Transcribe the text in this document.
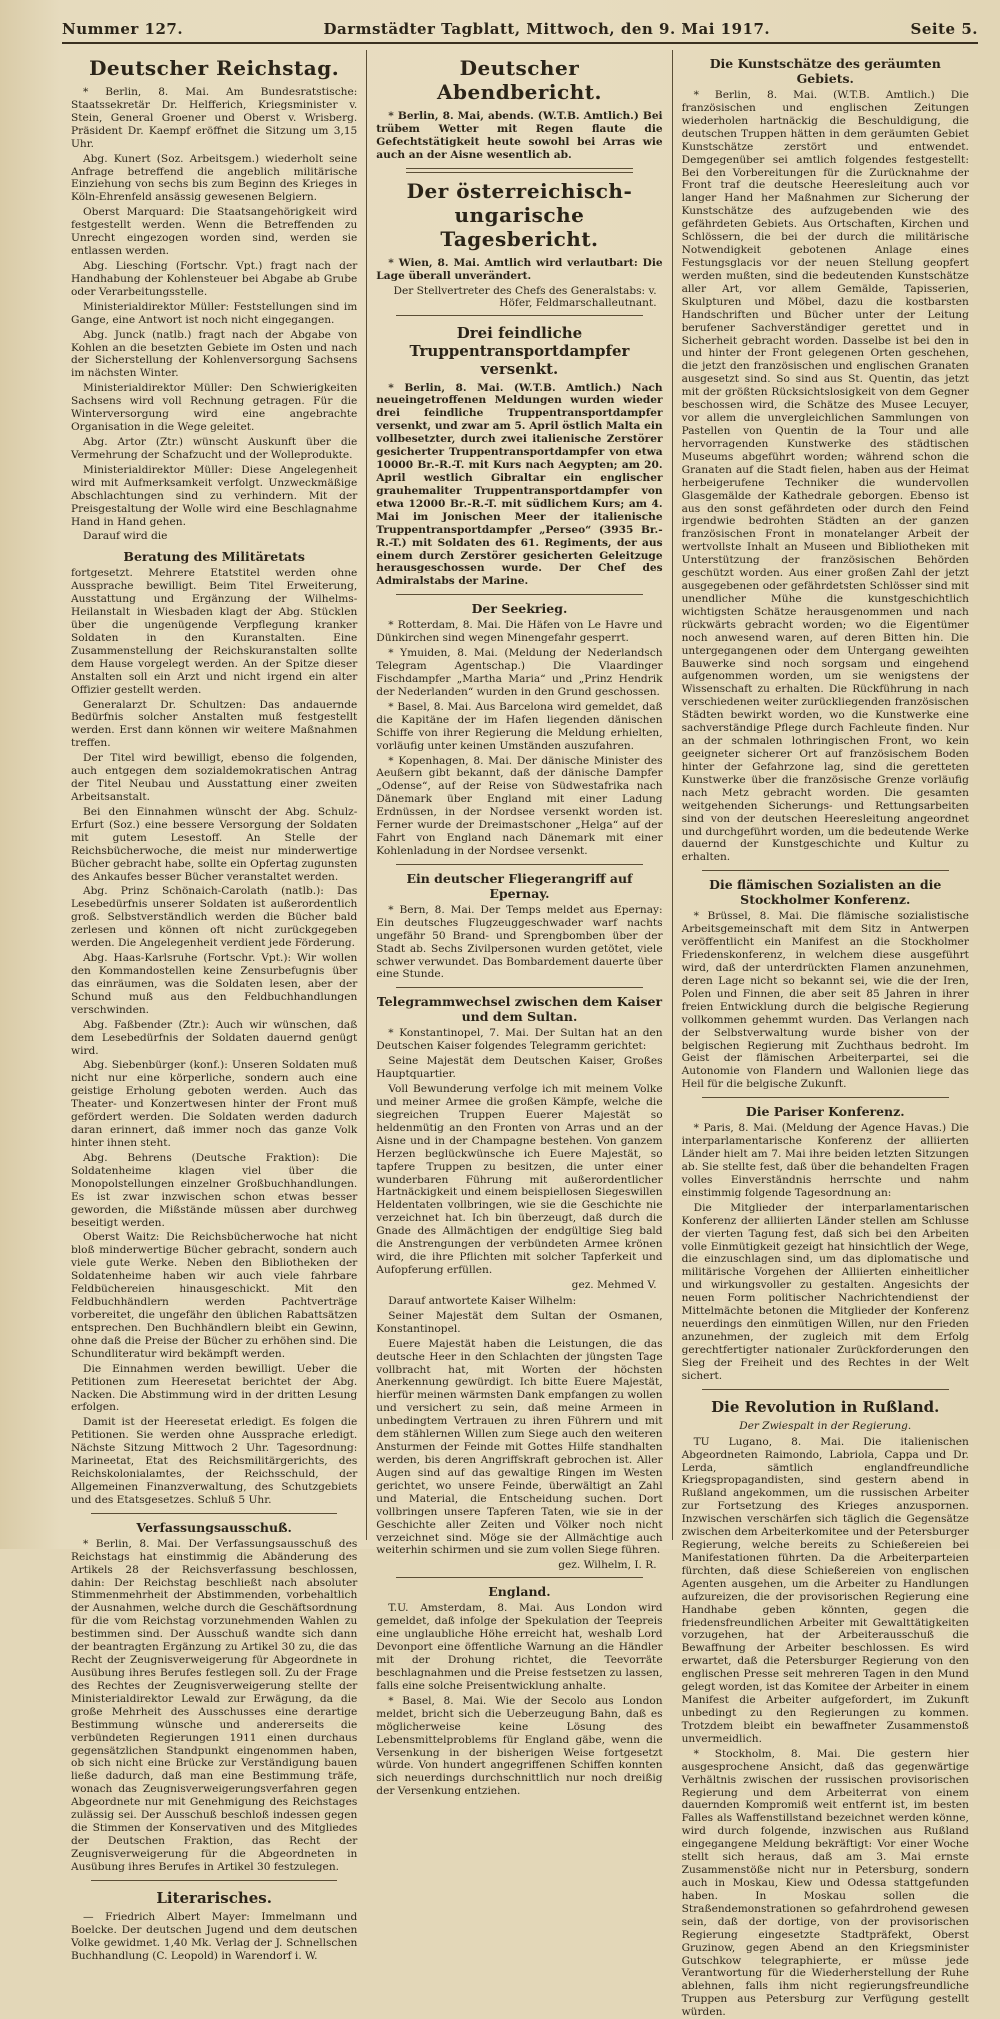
Nummer 127.	Darmstädter Tagblatt, Mittwoch, den 9. Mai 1917.	Seite 5.
Deutscher Reichstag.

* Berlin, 8. Mai. Am Bundesratstische: Staatssekretär Dr. Helfferich, Kriegsminister v. Stein, General Groener und Oberst v. Wrisberg. Präsident Dr. Kaempf eröffnet die Sitzung um 3,15 Uhr.

Abg. Kunert (Soz. Arbeitsgem.) wiederholt seine Anfrage betreffend die angeblich militärische Einziehung von sechs bis zum Beginn des Krieges in Köln-Ehrenfeld ansässig gewesenen Belgiern.

Oberst Marquard: Die Staatsangehörigkeit wird festgestellt werden. Wenn die Betreffenden zu Unrecht eingezogen worden sind, werden sie entlassen werden.

Abg. Liesching (Fortschr. Vpt.) fragt nach der Handhabung der Kohlensteuer bei Abgabe ab Grube oder Verarbeitungsstelle.

Ministerialdirektor Müller: Feststellungen sind im Gange, eine Antwort ist noch nicht eingegangen.

Abg. Junck (natlb.) fragt nach der Abgabe von Kohlen an die besetzten Gebiete im Osten und nach der Sicherstellung der Kohlenversorgung Sachsens im nächsten Winter.

Ministerialdirektor Müller: Den Schwierigkeiten Sachsens wird voll Rechnung getragen. Für die Winterversorgung wird eine angebrachte Organisation in die Wege geleitet.

Abg. Artor (Ztr.) wünscht Auskunft über die Vermehrung der Schafzucht und der Wolleprodukte.

Ministerialdirektor Müller: Diese Angelegenheit wird mit Aufmerksamkeit verfolgt. Unzweckmäßige Abschlachtungen sind zu verhindern. Mit der Preisgestaltung der Wolle wird eine Beschlagnahme Hand in Hand gehen.

Darauf wird die

Beratung des Militäretats

fortgesetzt. Mehrere Etatstitel werden ohne Aussprache bewilligt. Beim Titel Erweiterung, Ausstattung und Ergänzung der Wilhelms-Heilanstalt in Wiesbaden klagt der Abg. Stücklen über die ungenügende Verpflegung kranker Soldaten in den Kuranstalten. Eine Zusammenstellung der Reichskuranstalten sollte dem Hause vorgelegt werden. An der Spitze dieser Anstalten soll ein Arzt und nicht irgend ein alter Offizier gestellt werden.

Generalarzt Dr. Schultzen: Das andauernde Bedürfnis solcher Anstalten muß festgestellt werden. Erst dann können wir weitere Maßnahmen treffen.

Der Titel wird bewilligt, ebenso die folgenden, auch entgegen dem sozialdemokratischen Antrag der Titel Neubau und Ausstattung einer zweiten Arbeitsanstalt.

Bei den Einnahmen wünscht der Abg. Schulz-Erfurt (Soz.) eine bessere Versorgung der Soldaten mit gutem Lesestoff. An Stelle der Reichsbücherwoche, die meist nur minderwertige Bücher gebracht habe, sollte ein Opfertag zugunsten des Ankaufes besser Bücher veranstaltet werden.

Abg. Prinz Schönaich-Carolath (natlb.): Das Lesebedürfnis unserer Soldaten ist außerordentlich groß. Selbstverständlich werden die Bücher bald zerlesen und können oft nicht zurückgegeben werden. Die Angelegenheit verdient jede Förderung.

Abg. Haas-Karlsruhe (Fortschr. Vpt.): Wir wollen den Kommandostellen keine Zensurbefugnis über das einräumen, was die Soldaten lesen, aber der Schund muß aus den Feldbuchhandlungen verschwinden.

Abg. Faßbender (Ztr.): Auch wir wünschen, daß dem Lesebedürfnis der Soldaten dauernd genügt wird.

Abg. Siebenbürger (konf.): Unseren Soldaten muß nicht nur eine körperliche, sondern auch eine geistige Erholung geboten werden. Auch das Theater- und Konzertwesen hinter der Front muß gefördert werden. Die Soldaten werden dadurch daran erinnert, daß immer noch das ganze Volk hinter ihnen steht.

Abg. Behrens (Deutsche Fraktion): Die Soldatenheime klagen viel über die Monopolstellungen einzelner Großbuchhandlungen. Es ist zwar inzwischen schon etwas besser geworden, die Mißstände müssen aber durchweg beseitigt werden.

Oberst Waitz: Die Reichsbücherwoche hat nicht bloß minderwertige Bücher gebracht, sondern auch viele gute Werke. Neben den Bibliotheken der Soldatenheime haben wir auch viele fahrbare Feldbüchereien hinausgeschickt. Mit den Feldbuchhändlern werden Pachtverträge vorbereitet, die ungefähr den üblichen Rabattsätzen entsprechen. Den Buchhändlern bleibt ein Gewinn, ohne daß die Preise der Bücher zu erhöhen sind. Die Schundliteratur wird bekämpft werden.

Die Einnahmen werden bewilligt. Ueber die Petitionen zum Heeresetat berichtet der Abg. Nacken. Die Abstimmung wird in der dritten Lesung erfolgen.

Damit ist der Heeresetat erledigt. Es folgen die Petitionen. Sie werden ohne Aussprache erledigt. Nächste Sitzung Mittwoch 2 Uhr. Tagesordnung: Marineetat, Etat des Reichsmilitärgerichts, des Reichskolonialamtes, der Reichsschuld, der Allgemeinen Finanzverwaltung, des Schutzgebiets und des Etatsgesetzes. Schluß 5 Uhr.

Verfassungsausschuß.

* Berlin, 8. Mai. Der Verfassungsausschuß des Reichstags hat einstimmig die Abänderung des Artikels 28 der Reichsverfassung beschlossen, dahin: Der Reichstag beschließt nach absoluter Stimmenmehrheit der Abstimmenden, vorbehaltlich der Ausnahmen, welche durch die Geschäftsordnung für die vom Reichstag vorzunehmenden Wahlen zu bestimmen sind. Der Ausschuß wandte sich dann der beantragten Ergänzung zu Artikel 30 zu, die das Recht der Zeugnisverweigerung für Abgeordnete in Ausübung ihres Berufes festlegen soll. Zu der Frage des Rechtes der Zeugnisverweigerung stellte der Ministerialdirektor Lewald zur Erwägung, da die große Mehrheit des Ausschusses eine derartige Bestimmung wünsche und andererseits die verbündeten Regierungen 1911 einen durchaus gegensätzlichen Standpunkt eingenommen haben, ob sich nicht eine Brücke zur Verständigung bauen ließe dadurch, daß man eine Bestimmung träfe, wonach das Zeugnisverweigerungsverfahren gegen Abgeordnete nur mit Genehmigung des Reichstages zulässig sei. Der Ausschuß beschloß indessen gegen die Stimmen der Konservativen und des Mitgliedes der Deutschen Fraktion, das Recht der Zeugnisverweigerung für die Abgeordneten in Ausübung ihres Berufes in Artikel 30 festzulegen.

Literarisches.

— Friedrich Albert Mayer: Immelmann und Boelcke. Der deutschen Jugend und dem deutschen Volke gewidmet. 1,40 Mk. Verlag der J. Schnellschen Buchhandlung (C. Leopold) in Warendorf i. W.

Deutscher Abendbericht.

* Berlin, 8. Mai, abends. (W.T.B. Amtlich.) Bei trübem Wetter mit Regen flaute die Gefechtstätigkeit heute sowohl bei Arras wie auch an der Aisne wesentlich ab.

Der österreichisch-ungarische Tagesbericht.

* Wien, 8. Mai. Amtlich wird verlautbart: Die Lage überall unverändert.

Der Stellvertreter des Chefs des Generalstabs: v. Höfer, Feldmarschalleutnant.

Drei feindliche Truppentransportdampfer versenkt.

* Berlin, 8. Mai. (W.T.B. Amtlich.) Nach neueingetroffenen Meldungen wurden wieder drei feindliche Truppentransportdampfer versenkt, und zwar am 5. April östlich Malta ein vollbesetzter, durch zwei italienische Zerstörer gesicherter Truppentransportdampfer von etwa 10000 Br.-R.-T. mit Kurs nach Aegypten; am 20. April westlich Gibraltar ein englischer grauhemaliter Truppentransportdampfer von etwa 12000 Br.-R.-T. mit südlichem Kurs; am 4. Mai im Jonischen Meer der italienische Truppentransportdampfer „Perseo“ (3935 Br.-R.-T.) mit Soldaten des 61. Regiments, der aus einem durch Zerstörer gesicherten Geleitzuge herausgeschossen wurde. Der Chef des Admiralstabs der Marine.

Der Seekrieg.

* Rotterdam, 8. Mai. Die Häfen von Le Havre und Dünkirchen sind wegen Minengefahr gesperrt.

* Ymuiden, 8. Mai. (Meldung der Nederlandsch Telegram Agentschap.) Die Vlaardinger Fischdampfer „Martha Maria“ und „Prinz Hendrik der Nederlanden“ wurden in den Grund geschossen.

* Basel, 8. Mai. Aus Barcelona wird gemeldet, daß die Kapitäne der im Hafen liegenden dänischen Schiffe von ihrer Regierung die Meldung erhielten, vorläufig unter keinen Umständen auszufahren.

* Kopenhagen, 8. Mai. Der dänische Minister des Aeußern gibt bekannt, daß der dänische Dampfer „Odense“, auf der Reise von Südwestafrika nach Dänemark über England mit einer Ladung Erdnüssen, in der Nordsee versenkt worden ist. Ferner wurde der Dreimastschoner „Helga“ auf der Fahrt von England nach Dänemark mit einer Kohlenladung in der Nordsee versenkt.

Ein deutscher Fliegerangriff auf Epernay.

* Bern, 8. Mai. Der Temps meldet aus Epernay: Ein deutsches Flugzeuggeschwader warf nachts ungefähr 50 Brand- und Sprengbomben über der Stadt ab. Sechs Zivilpersonen wurden getötet, viele schwer verwundet. Das Bombardement dauerte über eine Stunde.

Telegrammwechsel zwischen dem Kaiser und dem Sultan.

* Konstantinopel, 7. Mai. Der Sultan hat an den Deutschen Kaiser folgendes Telegramm gerichtet:

Seine Majestät dem Deutschen Kaiser, Großes Hauptquartier.

Voll Bewunderung verfolge ich mit meinem Volke und meiner Armee die großen Kämpfe, welche die siegreichen Truppen Euerer Majestät so heldenmütig an den Fronten von Arras und an der Aisne und in der Champagne bestehen. Von ganzem Herzen beglückwünsche ich Euere Majestät, so tapfere Truppen zu besitzen, die unter einer wunderbaren Führung mit außerordentlicher Hartnäckigkeit und einem beispiellosen Siegeswillen Heldentaten vollbringen, wie sie die Geschichte nie verzeichnet hat. Ich bin überzeugt, daß durch die Gnade des Allmächtigen der endgültige Sieg bald die Anstrengungen der verbündeten Armee krönen wird, die ihre Pflichten mit solcher Tapferkeit und Aufopferung erfüllen.

gez. Mehmed V.

Darauf antwortete Kaiser Wilhelm:

Seiner Majestät dem Sultan der Osmanen, Konstantinopel.

Euere Majestät haben die Leistungen, die das deutsche Heer in den Schlachten der jüngsten Tage vollbracht hat, mit Worten der höchsten Anerkennung gewürdigt. Ich bitte Euere Majestät, hierfür meinen wärmsten Dank empfangen zu wollen und versichert zu sein, daß meine Armeen in unbedingtem Vertrauen zu ihren Führern und mit dem stählernen Willen zum Siege auch den weiteren Ansturmen der Feinde mit Gottes Hilfe standhalten werden, bis deren Angriffskraft gebrochen ist. Aller Augen sind auf das gewaltige Ringen im Westen gerichtet, wo unsere Feinde, überwältigt an Zahl und Material, die Entscheidung suchen. Dort vollbringen unsere Tapferen Taten, wie sie in der Geschichte aller Zeiten und Völker noch nicht verzeichnet sind. Möge sie der Allmächtige auch weiterhin schirmen und sie zum vollen Siege führen.

gez. Wilhelm, I. R.

England.

T.U. Amsterdam, 8. Mai. Aus London wird gemeldet, daß infolge der Spekulation der Teepreis eine unglaubliche Höhe erreicht hat, weshalb Lord Devonport eine öffentliche Warnung an die Händler mit der Drohung richtet, die Teevorräte beschlagnahmen und die Preise festsetzen zu lassen, falls eine solche Preisentwicklung anhalte.

* Basel, 8. Mai. Wie der Secolo aus London meldet, bricht sich die Ueberzeugung Bahn, daß es möglicherweise keine Lösung des Lebensmittelproblems für England gäbe, wenn die Versenkung in der bisherigen Weise fortgesetzt würde. Von hundert angegriffenen Schiffen konnten sich neuerdings durchschnittlich nur noch dreißig der Versenkung entziehen.

Die Kunstschätze des geräumten Gebiets.

* Berlin, 8. Mai. (W.T.B. Amtlich.) Die französischen und englischen Zeitungen wiederholen hartnäckig die Beschuldigung, die deutschen Truppen hätten in dem geräumten Gebiet Kunstschätze zerstört und entwendet. Demgegenüber sei amtlich folgendes festgestellt: Bei den Vorbereitungen für die Zurücknahme der Front traf die deutsche Heeresleitung auch vor langer Hand her Maßnahmen zur Sicherung der Kunstschätze des aufzugebenden wie des gefährdeten Gebiets. Aus Ortschaften, Kirchen und Schlössern, die bei der durch die militärische Notwendigkeit gebotenen Anlage eines Festungsglacis vor der neuen Stellung geopfert werden mußten, sind die bedeutenden Kunstschätze aller Art, vor allem Gemälde, Tapisserien, Skulpturen und Möbel, dazu die kostbarsten Handschriften und Bücher unter der Leitung berufener Sachverständiger gerettet und in Sicherheit gebracht worden. Dasselbe ist bei den in und hinter der Front gelegenen Orten geschehen, die jetzt den französischen und englischen Granaten ausgesetzt sind. So sind aus St. Quentin, das jetzt mit der größten Rücksichtslosigkeit von dem Gegner beschossen wird, die Schätze des Musee Lecuyer, vor allem die unvergleichlichen Sammlungen von Pastellen von Quentin de la Tour und alle hervorragenden Kunstwerke des städtischen Museums abgeführt worden; während schon die Granaten auf die Stadt fielen, haben aus der Heimat herbeigerufene Techniker die wundervollen Glasgemälde der Kathedrale geborgen. Ebenso ist aus den sonst gefährdeten oder durch den Feind irgendwie bedrohten Städten an der ganzen französischen Front in monatelanger Arbeit der wertvollste Inhalt an Museen und Bibliotheken mit Unterstützung der französischen Behörden geschützt worden. Aus einer großen Zahl der jetzt ausgegebenen oder gefährdetsten Schlösser sind mit unendlicher Mühe die kunstgeschichtlich wichtigsten Schätze herausgenommen und nach rückwärts gebracht worden; wo die Eigentümer noch anwesend waren, auf deren Bitten hin. Die untergegangenen oder dem Untergang geweihten Bauwerke sind noch sorgsam und eingehend aufgenommen worden, um sie wenigstens der Wissenschaft zu erhalten. Die Rückführung in nach verschiedenen weiter zurückliegenden französischen Städten bewirkt worden, wo die Kunstwerke eine sachverständige Pflege durch Fachleute finden. Nur an der schmalen lothringischen Front, wo kein geeigneter sicherer Ort auf französischem Boden hinter der Gefahrzone lag, sind die geretteten Kunstwerke über die französische Grenze vorläufig nach Metz gebracht worden. Die gesamten weitgehenden Sicherungs- und Rettungsarbeiten sind von der deutschen Heeresleitung angeordnet und durchgeführt worden, um die bedeutende Werke dauernd der Kunstgeschichte und Kultur zu erhalten.

Die flämischen Sozialisten an die Stockholmer Konferenz.

* Brüssel, 8. Mai. Die flämische sozialistische Arbeitsgemeinschaft mit dem Sitz in Antwerpen veröffentlicht ein Manifest an die Stockholmer Friedenskonferenz, in welchem diese ausgeführt wird, daß der unterdrückten Flamen anzunehmen, deren Lage nicht so bekannt sei, wie die der Iren, Polen und Finnen, die aber seit 85 Jahren in ihrer freien Entwicklung durch die belgische Regierung vollkommen gehemmt wurden. Das Verlangen nach der Selbstverwaltung wurde bisher von der belgischen Regierung mit Zuchthaus bedroht. Im Geist der flämischen Arbeiterpartei, sei die Autonomie von Flandern und Wallonien liege das Heil für die belgische Zukunft.

Die Pariser Konferenz.

* Paris, 8. Mai. (Meldung der Agence Havas.) Die interparlamentarische Konferenz der alliierten Länder hielt am 7. Mai ihre beiden letzten Sitzungen ab. Sie stellte fest, daß über die behandelten Fragen volles Einverständnis herrschte und nahm einstimmig folgende Tagesordnung an:

Die Mitglieder der interparlamentarischen Konferenz der alliierten Länder stellen am Schlusse der vierten Tagung fest, daß sich bei den Arbeiten volle Einmütigkeit gezeigt hat hinsichtlich der Wege, die einzuschlagen sind, um das diplomatische und militärische Vorgehen der Alliierten einheitlicher und wirkungsvoller zu gestalten. Angesichts der neuen Form politischer Nachrichtendienst der Mittelmächte betonen die Mitglieder der Konferenz neuerdings den einmütigen Willen, nur den Frieden anzunehmen, der zugleich mit dem Erfolg gerechtfertigter nationaler Zurückforderungen den Sieg der Freiheit und des Rechtes in der Welt sichert.

Die Revolution in Rußland.

Der Zwiespalt in der Regierung.

TU Lugano, 8. Mai. Die italienischen Abgeordneten Raimondo, Labriola, Cappa und Dr. Lerda, sämtlich englandfreundliche Kriegspropagandisten, sind gestern abend in Rußland angekommen, um die russischen Arbeiter zur Fortsetzung des Krieges anzuspornen. Inzwischen verschärfen sich täglich die Gegensätze zwischen dem Arbeiterkomitee und der Petersburger Regierung, welche bereits zu Schießereien bei Manifestationen führten. Da die Arbeiterparteien fürchten, daß diese Schießereien von englischen Agenten ausgehen, um die Arbeiter zu Handlungen aufzureizen, die der provisorischen Regierung eine Handhabe geben könnten, gegen die friedensfreundlichen Arbeiter mit Gewalttätigkeiten vorzugehen, hat der Arbeiterausschuß die Bewaffnung der Arbeiter beschlossen. Es wird erwartet, daß die Petersburger Regierung von den englischen Presse seit mehreren Tagen in den Mund gelegt worden, ist das Komitee der Arbeiter in einem Manifest die Arbeiter aufgefordert, im Zukunft unbedingt zu den Regierungen zu kommen. Trotzdem bleibt ein bewaffneter Zusammenstoß unvermeidlich.

* Stockholm, 8. Mai. Die gestern hier ausgesprochene Ansicht, daß das gegenwärtige Verhältnis zwischen der russischen provisorischen Regierung und dem Arbeiterrat von einem dauernden Kompromiß weit entfernt ist, im besten Falles als Waffenstillstand bezeichnet werden könne, wird durch folgende, inzwischen aus Rußland eingegangene Meldung bekräftigt: Vor einer Woche stellt sich heraus, daß am 3. Mai ernste Zusammenstöße nicht nur in Petersburg, sondern auch in Moskau, Kiew und Odessa stattgefunden haben. In Moskau sollen die Straßendemonstrationen so gefahrdrohend gewesen sein, daß der dortige, von der provisorischen Regierung eingesetzte Stadtpräfekt, Oberst Gruzinow, gegen Abend an den Kriegsminister Gutschkow telegraphierte, er müsse jede Verantwortung für die Wiederherstellung der Ruhe ablehnen, falls ihm nicht regierungsfreundliche Truppen aus Petersburg zur Verfügung gestellt würden.
